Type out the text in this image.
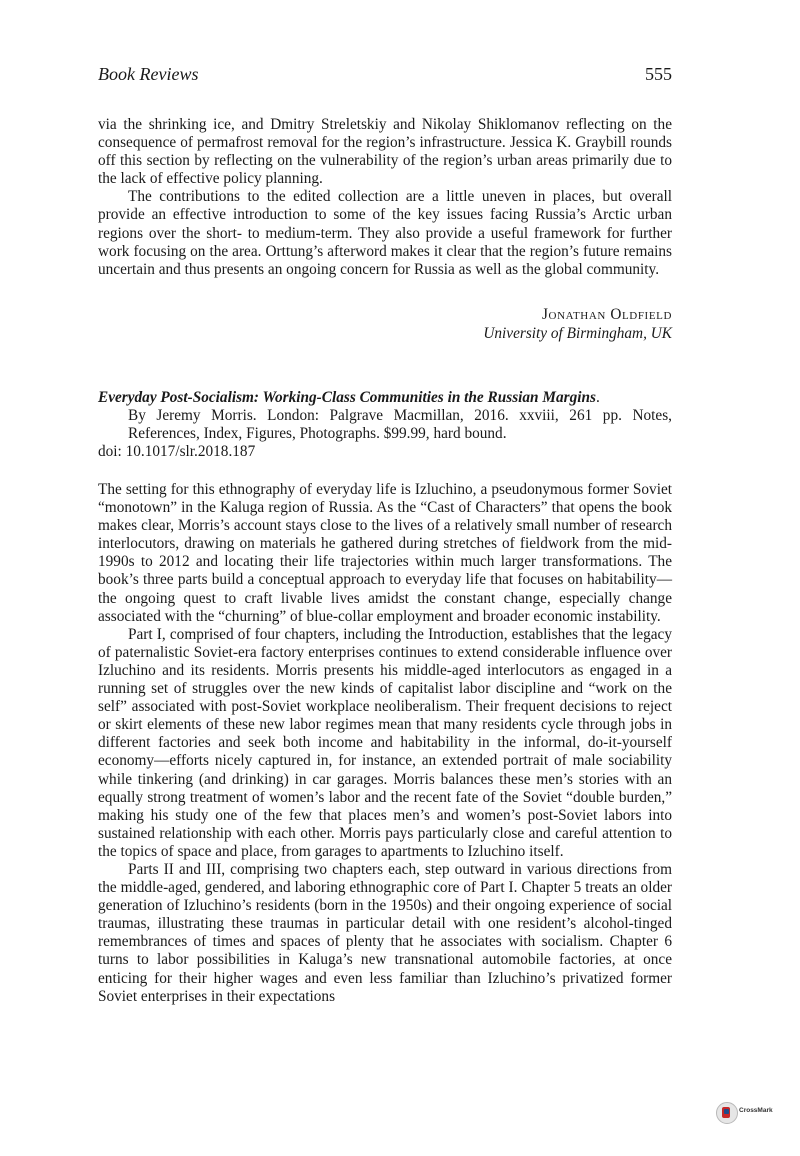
Book Reviews	555

via the shrinking ice, and Dmitry Streletskiy and Nikolay Shiklomanov reflecting on the consequence of permafrost removal for the region’s infrastructure. Jessica K. Graybill rounds off this section by reflecting on the vulnerability of the region’s urban areas primarily due to the lack of effective policy planning.

The contributions to the edited collection are a little uneven in places, but overall provide an effective introduction to some of the key issues facing Russia’s Arctic urban regions over the short- to medium-term. They also provide a useful framework for further work focusing on the area. Orttung’s afterword makes it clear that the region’s future remains uncertain and thus presents an ongoing concern for Russia as well as the global community.

Jonathan Oldfield
University of Birmingham, UK
Everyday Post-Socialism: Working-Class Communities in the Russian Margins.
By Jeremy Morris. London: Palgrave Macmillan, 2016. xxviii, 261 pp. Notes, References, Index, Figures, Photographs. $99.99, hard bound.
doi: 10.1017/slr.2018.187

The setting for this ethnography of everyday life is Izluchino, a pseudonymous former Soviet “monotown” in the Kaluga region of Russia. As the “Cast of Characters” that opens the book makes clear, Morris’s account stays close to the lives of a relatively small number of research interlocutors, drawing on materials he gathered during stretches of fieldwork from the mid-1990s to 2012 and locating their life trajectories within much larger transformations. The book’s three parts build a conceptual approach to everyday life that focuses on habitability—the ongoing quest to craft livable lives amidst the constant change, especially change associated with the “churning” of blue-collar employment and broader economic instability.

Part I, comprised of four chapters, including the Introduction, establishes that the legacy of paternalistic Soviet-era factory enterprises continues to extend considerable influence over Izluchino and its residents. Morris presents his middle-aged interlocutors as engaged in a running set of struggles over the new kinds of capitalist labor discipline and “work on the self” associated with post-Soviet workplace neoliberalism. Their frequent decisions to reject or skirt elements of these new labor regimes mean that many residents cycle through jobs in different factories and seek both income and habitability in the informal, do-it-yourself economy—efforts nicely captured in, for instance, an extended portrait of male sociability while tinkering (and drinking) in car garages. Morris balances these men’s stories with an equally strong treatment of women’s labor and the recent fate of the Soviet “double burden,” making his study one of the few that places men’s and women’s post-Soviet labors into sustained relationship with each other. Morris pays particularly close and careful attention to the topics of space and place, from garages to apartments to Izluchino itself.

Parts II and III, comprising two chapters each, step outward in various directions from the middle-aged, gendered, and laboring ethnographic core of Part I. Chapter 5 treats an older generation of Izluchino’s residents (born in the 1950s) and their ongoing experience of social traumas, illustrating these traumas in particular detail with one resident’s alcohol-tinged remembrances of times and spaces of plenty that he associates with socialism. Chapter 6 turns to labor possibilities in Kaluga’s new transnational automobile factories, at once enticing for their higher wages and even less familiar than Izluchino’s privatized former Soviet enterprises in their expectations

CrossMark
